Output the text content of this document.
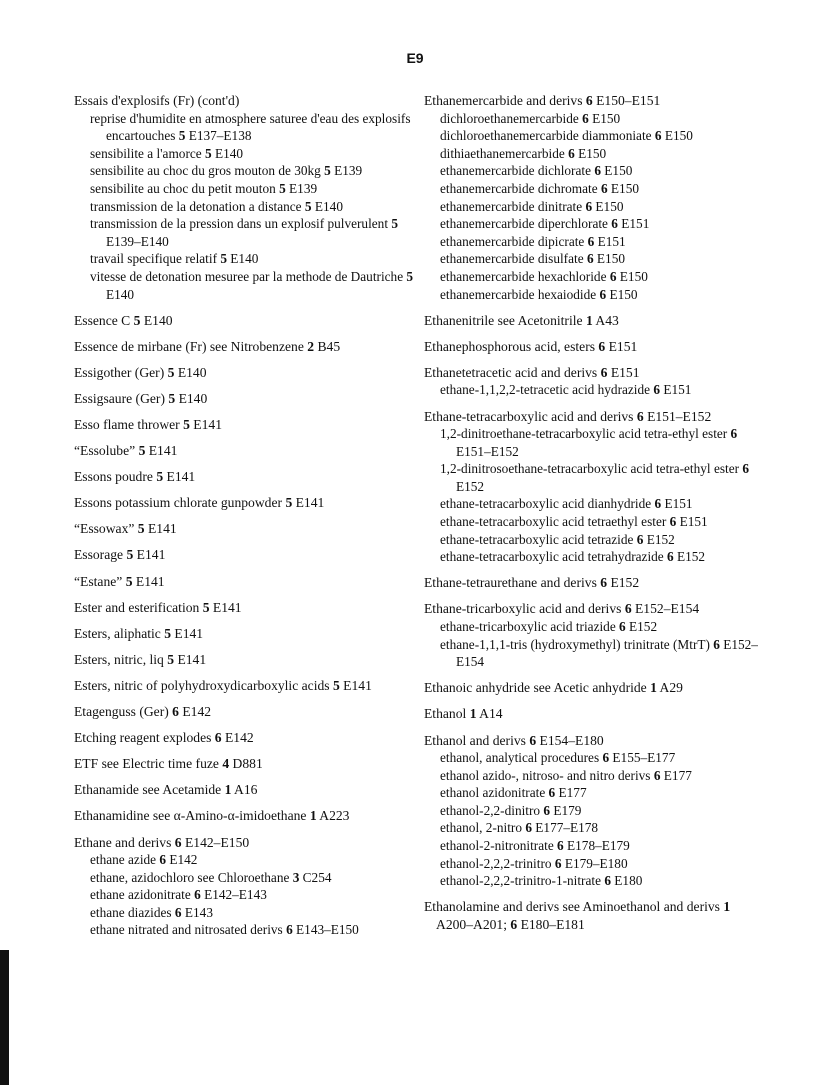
E9
Essais d'explosifs (Fr) (cont'd)
reprise d'humidite en atmosphere saturee d'eau des explosifs encartouches 5 E137–E138
sensibilite a l'amorce 5 E140
sensibilite au choc du gros mouton de 30kg 5 E139
sensibilite au choc du petit mouton 5 E139
transmission de la detonation a distance 5 E140
transmission de la pression dans un explosif pulverulent 5 E139–E140
travail specifique relatif 5 E140
vitesse de detonation mesuree par la methode de Dautriche 5 E140
Essence C 5 E140
Essence de mirbane (Fr) see Nitrobenzene 2 B45
Essigother (Ger) 5 E140
Essigsaure (Ger) 5 E140
Esso flame thrower 5 E141
“Essolube” 5 E141
Essons poudre 5 E141
Essons potassium chlorate gunpowder 5 E141
“Essowax” 5 E141
Essorage 5 E141
“Estane” 5 E141
Ester and esterification 5 E141
Esters, aliphatic 5 E141
Esters, nitric, liq 5 E141
Esters, nitric of polyhydroxydicarboxylic acids 5 E141
Etagenguss (Ger) 6 E142
Etching reagent explodes 6 E142
ETF see Electric time fuze 4 D881
Ethanamide see Acetamide 1 A16
Ethanamidine see α-Amino-α-imidoethane 1 A223
Ethane and derivs 6 E142–E150
ethane azide 6 E142
ethane, azidochloro see Chloroethane 3 C254
ethane azidonitrate 6 E142–E143
ethane diazides 6 E143
ethane nitrated and nitrosated derivs 6 E143–E150
Ethanemercarbide and derivs 6 E150–E151
dichloroethanemercarbide 6 E150
dichloroethanemercarbide diammoniate 6 E150
dithiaethanemercarbide 6 E150
ethanemercarbide dichlorate 6 E150
ethanemercarbide dichromate 6 E150
ethanemercarbide dinitrate 6 E150
ethanemercarbide diperchlorate 6 E151
ethanemercarbide dipicrate 6 E151
ethanemercarbide disulfate 6 E150
ethanemercarbide hexachloride 6 E150
ethanemercarbide hexaiodide 6 E150
Ethanenitrile see Acetonitrile 1 A43
Ethanephosphorous acid, esters 6 E151
Ethanetetracetic acid and derivs 6 E151
ethane-1,1,2,2-tetracetic acid hydrazide 6 E151
Ethane-tetracarboxylic acid and derivs 6 E151–E152
1,2-dinitroethane-tetracarboxylic acid tetra-ethyl ester 6 E151–E152
1,2-dinitrosoethane-tetracarboxylic acid tetra-ethyl ester 6 E152
ethane-tetracarboxylic acid dianhydride 6 E151
ethane-tetracarboxylic acid tetraethyl ester 6 E151
ethane-tetracarboxylic acid tetrazide 6 E152
ethane-tetracarboxylic acid tetrahydrazide 6 E152
Ethane-tetraurethane and derivs 6 E152
Ethane-tricarboxylic acid and derivs 6 E152–E154
ethane-tricarboxylic acid triazide 6 E152
ethane-1,1,1-tris (hydroxymethyl) trinitrate (MtrT) 6 E152–E154
Ethanoic anhydride see Acetic anhydride 1 A29
Ethanol 1 A14
Ethanol and derivs 6 E154–E180
ethanol, analytical procedures 6 E155–E177
ethanol azido-, nitroso- and nitro derivs 6 E177
ethanol azidonitrate 6 E177
ethanol-2,2-dinitro 6 E179
ethanol, 2-nitro 6 E177–E178
ethanol-2-nitronitrate 6 E178–E179
ethanol-2,2,2-trinitro 6 E179–E180
ethanol-2,2,2-trinitro-1-nitrate 6 E180
Ethanolamine and derivs see Aminoethanol and derivs 1 A200–A201; 6 E180–E181
